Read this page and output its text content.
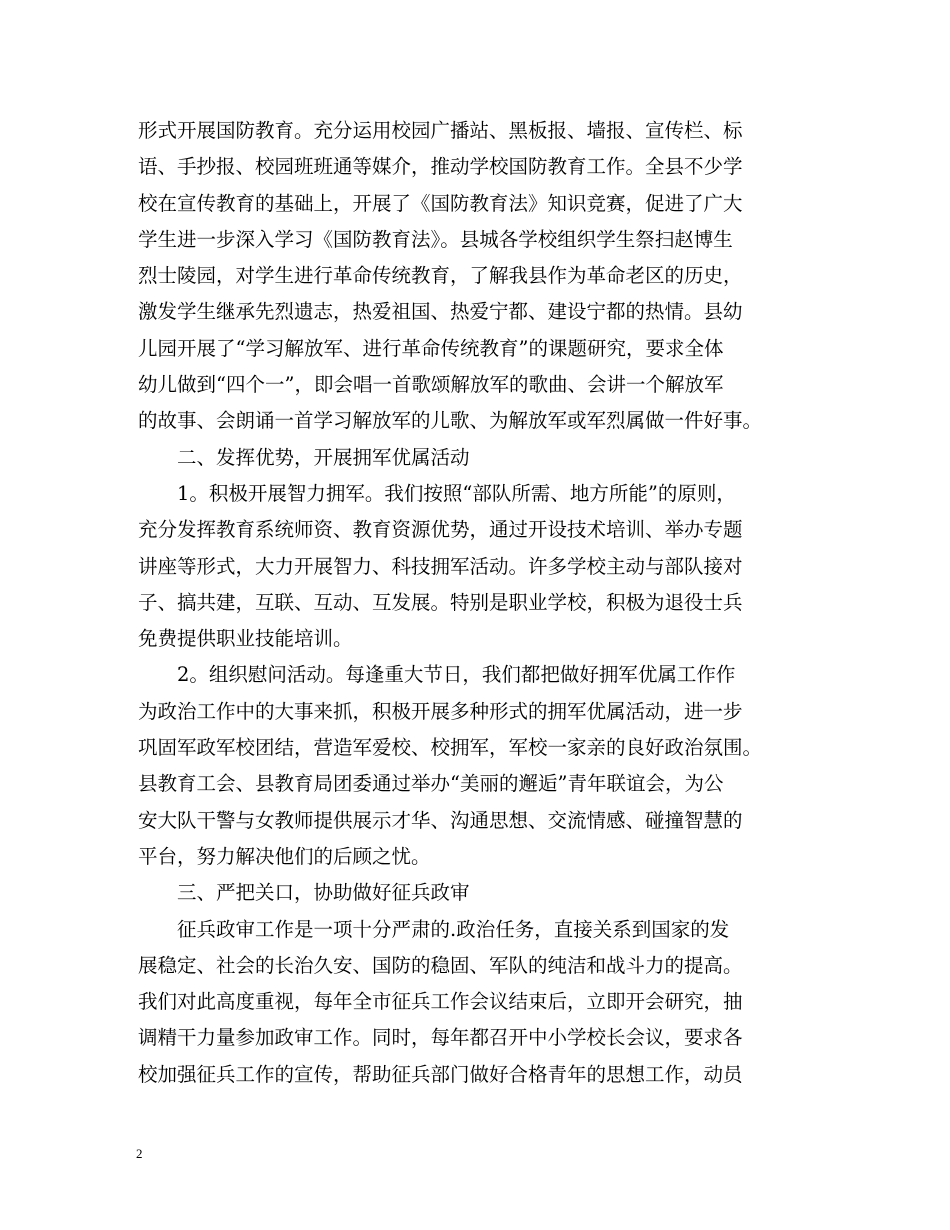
形式开展国防教育。充分运用校园广播站、黑板报、墙报、宣传栏、标
语、手抄报、校园班班通等媒介，推动学校国防教育工作。全县不少学
校在宣传教育的基础上，开展了《国防教育法》知识竞赛，促进了广大
学生进一步深入学习《国防教育法》。县城各学校组织学生祭扫赵博生
烈士陵园，对学生进行革命传统教育，了解我县作为革命老区的历史，
激发学生继承先烈遗志，热爱祖国、热爱宁都、建设宁都的热情。县幼
儿园开展了“学习解放军、进行革命传统教育”的课题研究，要求全体
幼儿做到“四个一”，即会唱一首歌颂解放军的歌曲、会讲一个解放军
的故事、会朗诵一首学习解放军的儿歌、为解放军或军烈属做一件好事。
二、发挥优势，开展拥军优属活动
1。积极开展智力拥军。我们按照“部队所需、地方所能”的原则，
充分发挥教育系统师资、教育资源优势，通过开设技术培训、举办专题
讲座等形式，大力开展智力、科技拥军活动。许多学校主动与部队接对
子、搞共建，互联、互动、互发展。特别是职业学校，积极为退役士兵
免费提供职业技能培训。
2。组织慰问活动。每逢重大节日，我们都把做好拥军优属工作作
为政治工作中的大事来抓，积极开展多种形式的拥军优属活动，进一步
巩固军政军校团结，营造军爱校、校拥军，军校一家亲的良好政治氛围。
县教育工会、县教育局团委通过举办“美丽的邂逅”青年联谊会，为公
安大队干警与女教师提供展示才华、沟通思想、交流情感、碰撞智慧的
平台，努力解决他们的后顾之忧。
三、严把关口，协助做好征兵政审
征兵政审工作是一项十分严肃的.政治任务，直接关系到国家的发
展稳定、社会的长治久安、国防的稳固、军队的纯洁和战斗力的提高。
我们对此高度重视，每年全市征兵工作会议结束后，立即开会研究，抽
调精干力量参加政审工作。同时，每年都召开中小学校长会议，要求各
校加强征兵工作的宣传，帮助征兵部门做好合格青年的思想工作，动员
2
